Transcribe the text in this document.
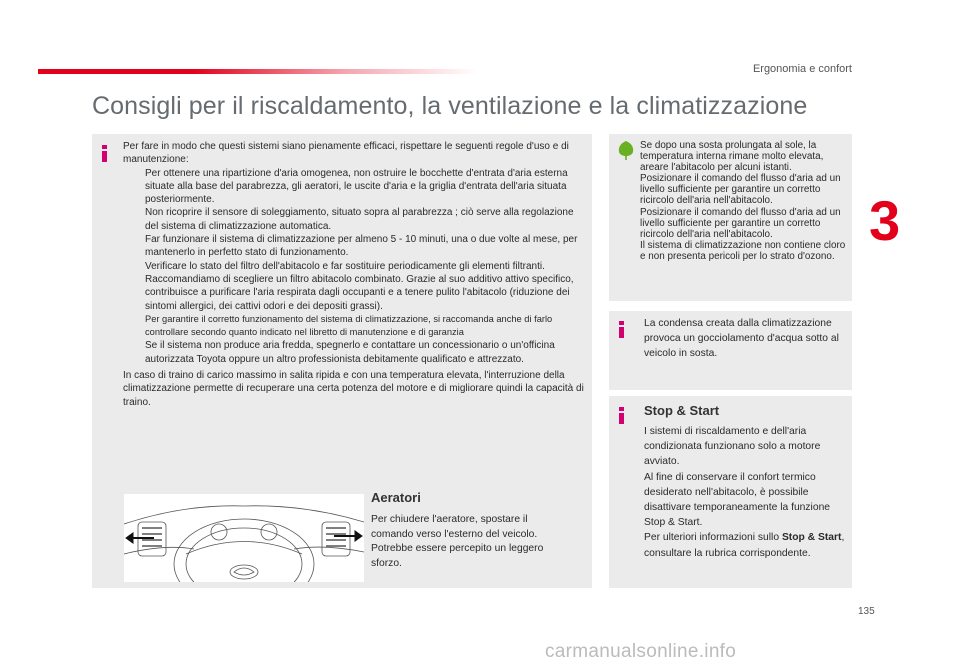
Ergonomia e confort
Consigli per il riscaldamento, la ventilazione e la climatizzazione
3
Per fare in modo che questi sistemi siano pienamente efficaci, rispettare le seguenti regole d'uso e di manutenzione:
Per ottenere una ripartizione d'aria omogenea, non ostruire le bocchette d'entrata d'aria esterna situate alla base del parabrezza, gli aeratori, le uscite d'aria e la griglia d'entrata dell'aria situata posteriormente.
Non ricoprire il sensore di soleggiamento, situato sopra al parabrezza ; ciò serve alla regolazione del sistema di climatizzazione automatica.
Far funzionare il sistema di climatizzazione per almeno 5 - 10 minuti, una o due volte al mese, per mantenerlo in perfetto stato di funzionamento.
Verificare lo stato del filtro dell'abitacolo e far sostituire periodicamente gli elementi filtranti.
Raccomandiamo di scegliere un filtro abitacolo combinato. Grazie al suo additivo attivo specifico, contribuisce a purificare l'aria respirata dagli occupanti e a tenere pulito l'abitacolo (riduzione dei sintomi allergici, dei cattivi odori e dei depositi grassi).
Per garantire il corretto funzionamento del sistema di climatizzazione, si raccomanda anche di farlo controllare secondo quanto indicato nel libretto di manutenzione e di garanzia
Se il sistema non produce aria fredda, spegnerlo e contattare un concessionario o un'officina autorizzata Toyota oppure un altro professionista debitamente qualificato e attrezzato.
In caso di traino di carico massimo in salita ripida e con una temperatura elevata, l'interruzione della climatizzazione permette di recuperare una certa potenza del motore e di migliorare quindi la capacità di traino.
Aeratori
Per chiudere l'aeratore, spostare il comando verso l'esterno del veicolo. Potrebbe essere percepito un leggero sforzo.
Se dopo una sosta prolungata al sole, la temperatura interna rimane molto elevata, areare l'abitacolo per alcuni istanti. Posizionare il comando del flusso d'aria ad un livello sufficiente per garantire un corretto ricircolo dell'aria nell'abitacolo.
Posizionare il comando del flusso d'aria ad un livello sufficiente per garantire un corretto ricircolo dell'aria nell'abitacolo.
Il sistema di climatizzazione non contiene cloro e non presenta pericoli per lo strato d'ozono.
La condensa creata dalla climatizzazione provoca un gocciolamento d'acqua sotto al veicolo in sosta.
Stop & Start
I sistemi di riscaldamento e dell'aria condizionata funzionano solo a motore avviato.
Al fine di conservare il confort termico desiderato nell'abitacolo, è possibile disattivare temporaneamente la funzione Stop & Start.
Per ulteriori informazioni sullo Stop & Start, consultare la rubrica corrispondente.
135
carmanualsonline.info
